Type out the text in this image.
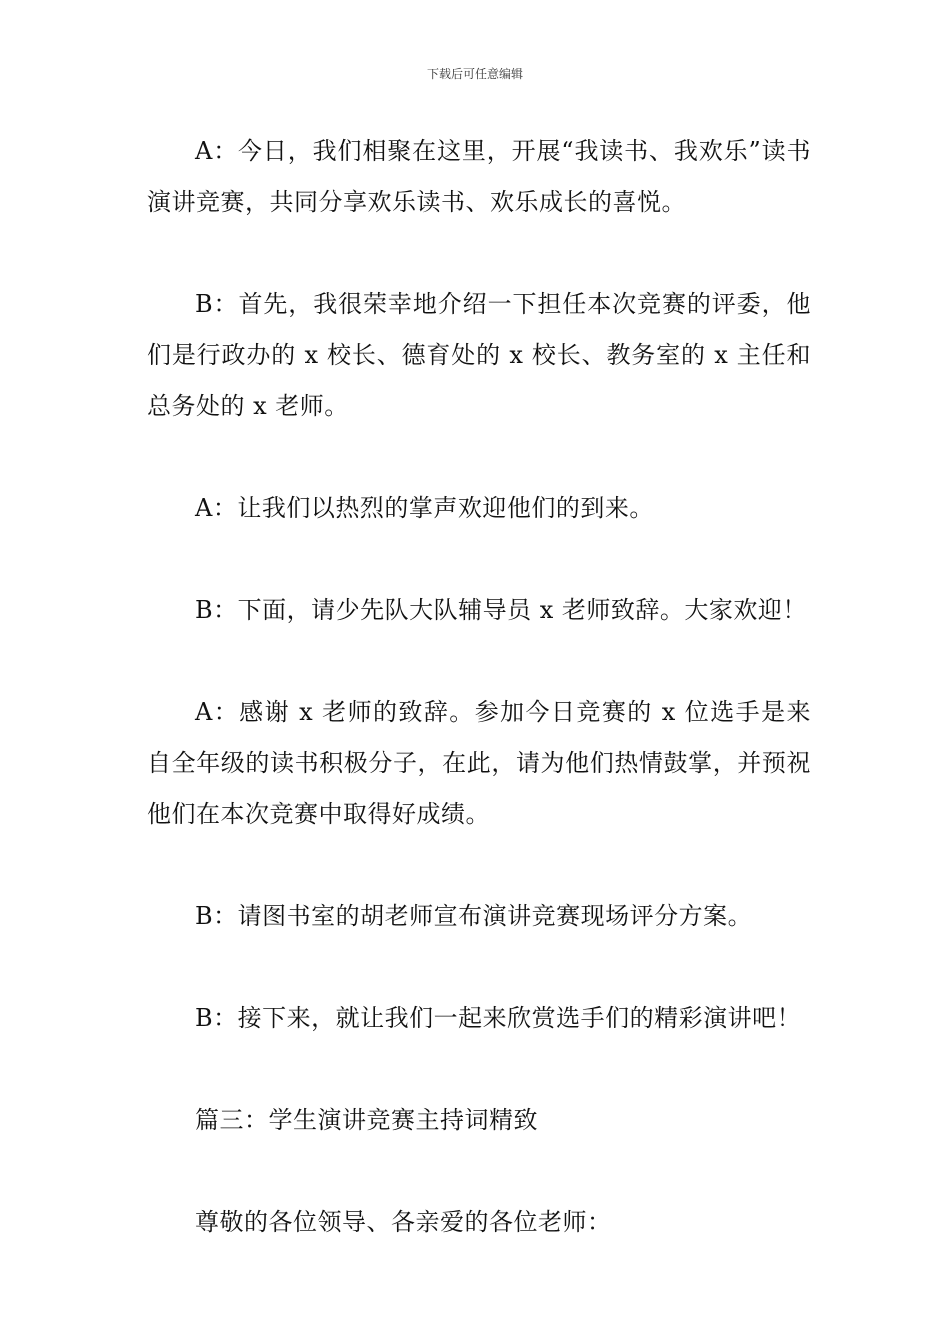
下载后可任意编辑

A：今日，我们相聚在这里，开展“我读书、我欢乐”读书演讲竞赛，共同分享欢乐读书、欢乐成长的喜悦。

B：首先，我很荣幸地介绍一下担任本次竞赛的评委，他们是行政办的 x 校长、德育处的 x 校长、教务室的 x 主任和总务处的 x 老师。

A：让我们以热烈的掌声欢迎他们的到来。

B：下面，请少先队大队辅导员 x 老师致辞。大家欢迎！

A：感谢 x 老师的致辞。参加今日竞赛的 x 位选手是来自全年级的读书积极分子，在此，请为他们热情鼓掌，并预祝他们在本次竞赛中取得好成绩。

B：请图书室的胡老师宣布演讲竞赛现场评分方案。

B：接下来，就让我们一起来欣赏选手们的精彩演讲吧！

篇三：学生演讲竞赛主持词精致

尊敬的各位领导、各亲爱的各位老师：
